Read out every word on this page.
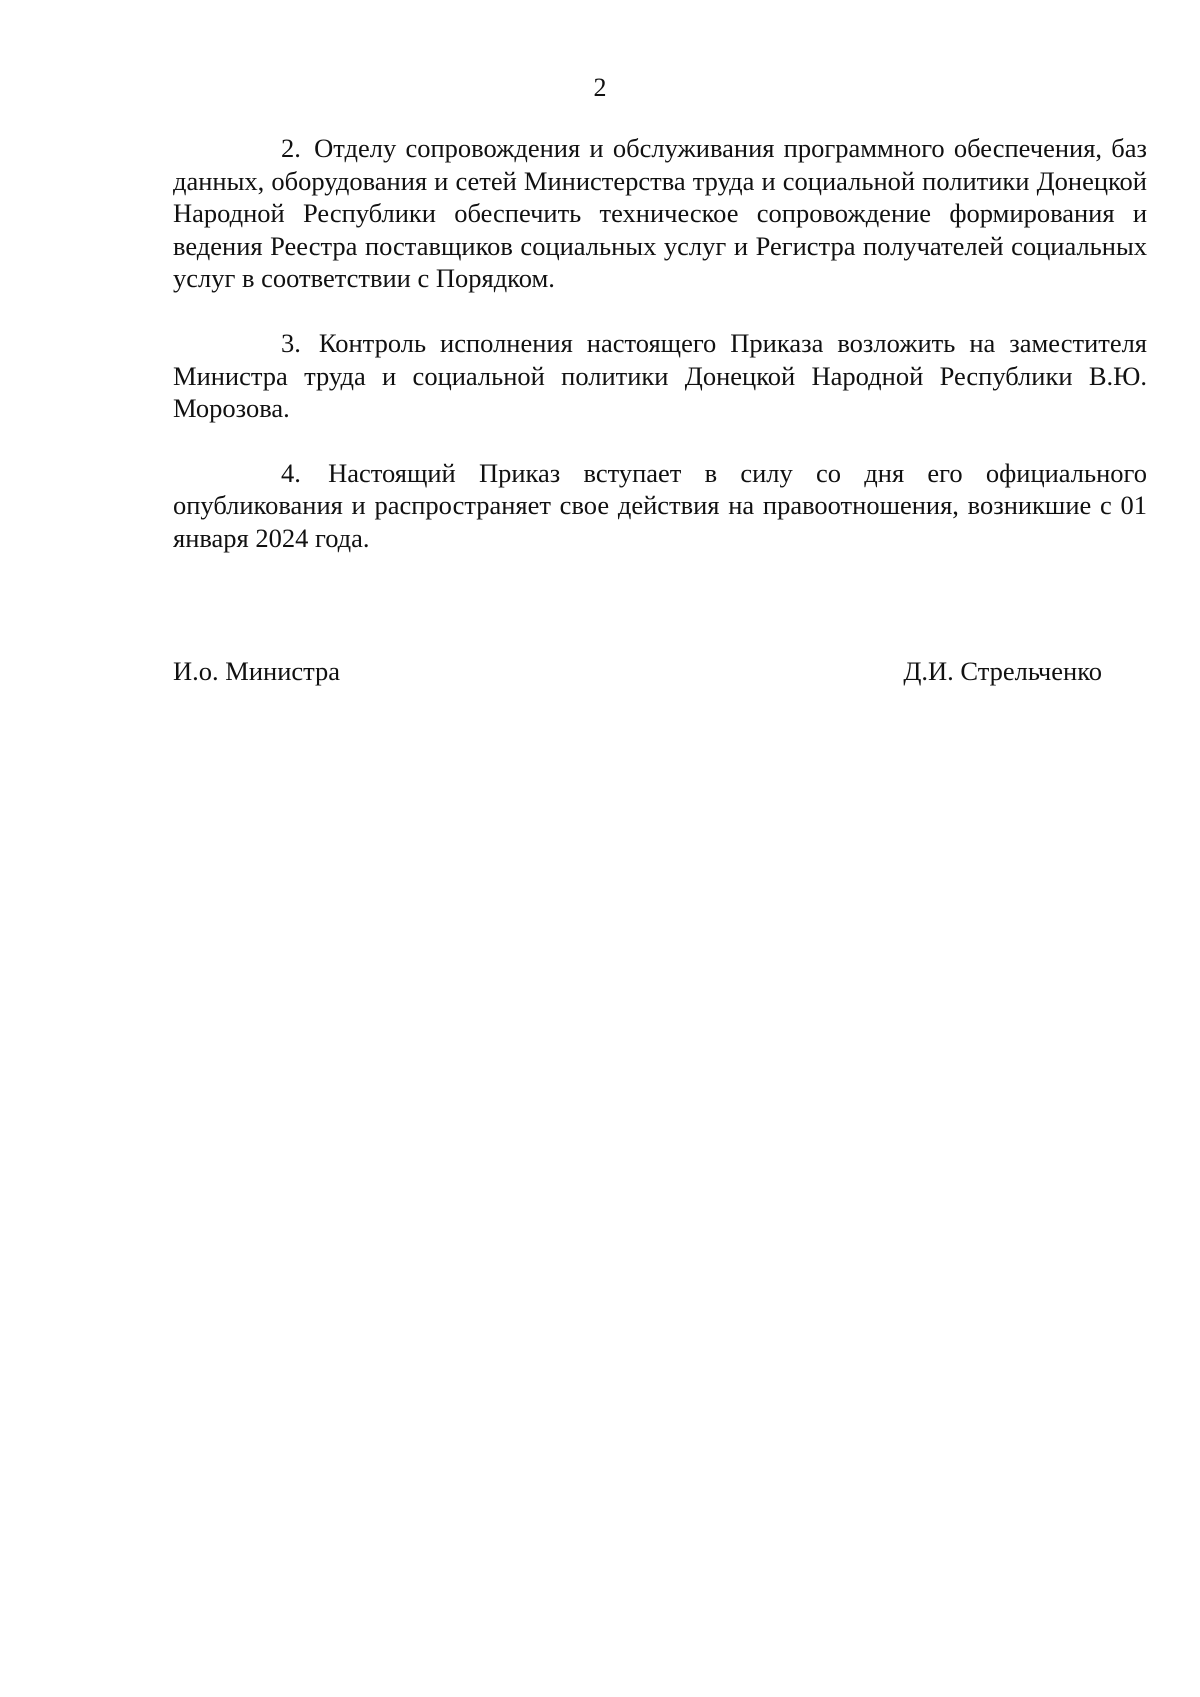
2

2. Отделу сопровождения и обслуживания программного обеспечения, баз данных, оборудования и сетей Министерства труда и социальной политики Донецкой Народной Республики обеспечить техническое сопровождение формирования и ведения Реестра поставщиков социальных услуг и Регистра получателей социальных услуг в соответствии с Порядком.

3. Контроль исполнения настоящего Приказа возложить на заместителя Министра труда и социальной политики Донецкой Народной Республики В.Ю. Морозова.

4. Настоящий Приказ вступает в силу со дня его официального опубликования и распространяет свое действия на правоотношения, возникшие с 01 января 2024 года.

И.о. Министра	Д.И. Стрельченко
